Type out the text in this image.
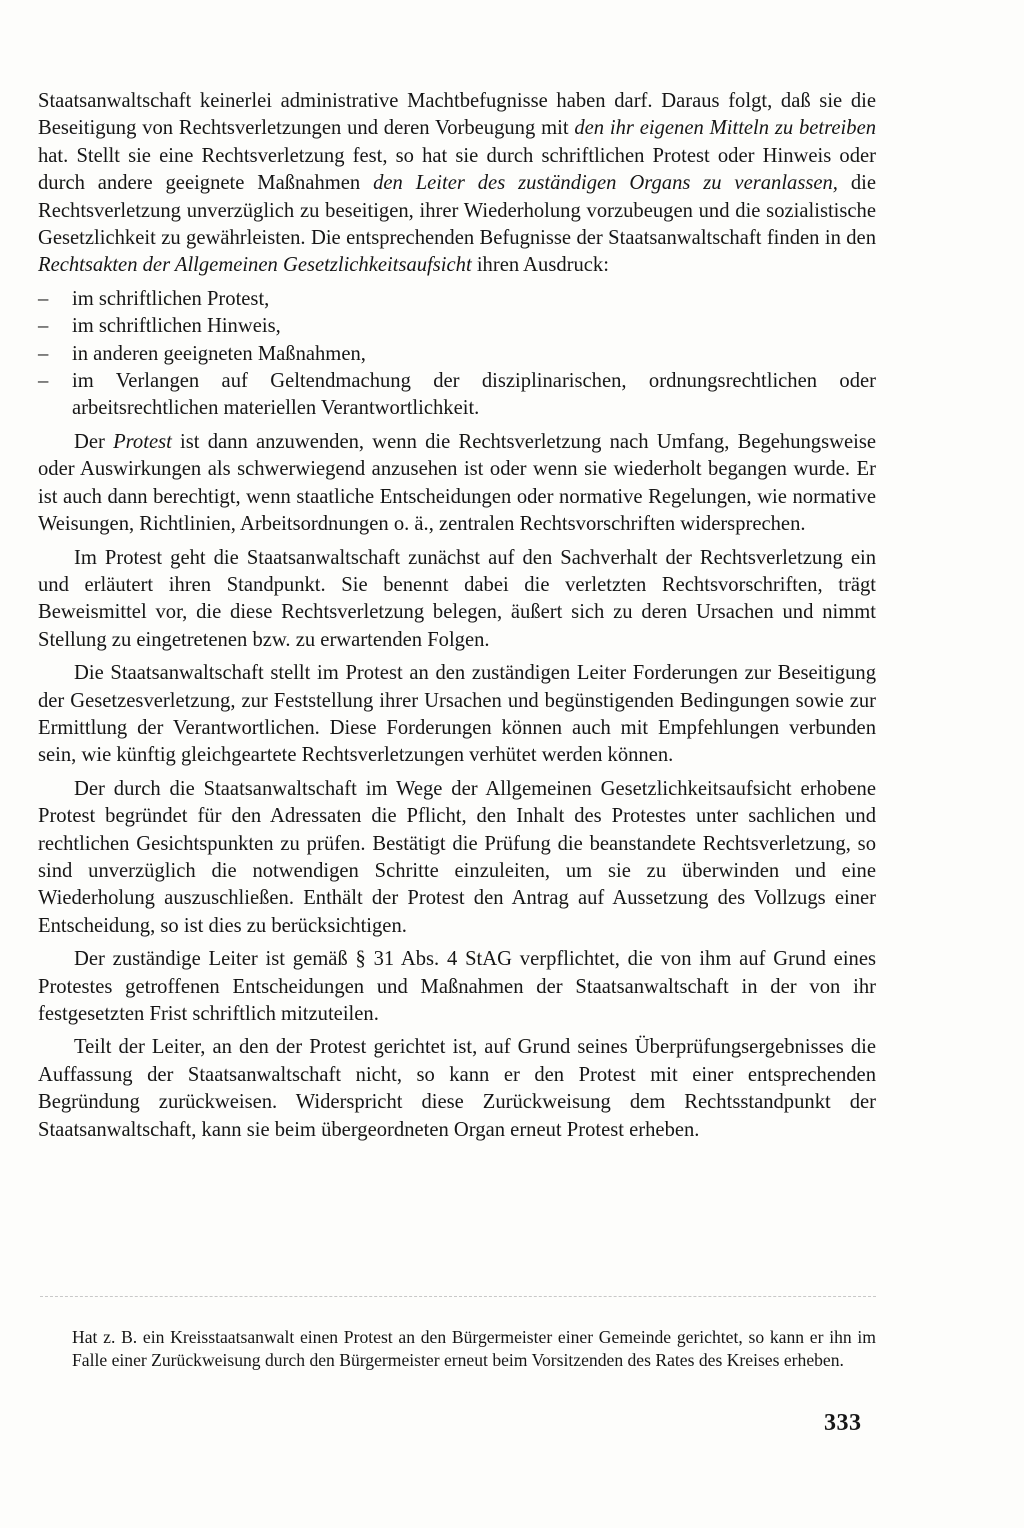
Staatsanwaltschaft keinerlei administrative Machtbefugnisse haben darf. Daraus folgt, daß sie die Beseitigung von Rechtsverletzungen und deren Vorbeugung mit den ihr eigenen Mitteln zu betreiben hat. Stellt sie eine Rechtsverletzung fest, so hat sie durch schriftlichen Protest oder Hinweis oder durch andere geeignete Maßnahmen den Leiter des zuständigen Organs zu veranlassen, die Rechtsverletzung unverzüglich zu beseitigen, ihrer Wiederholung vorzubeugen und die sozialistische Gesetzlichkeit zu gewährleisten. Die entsprechenden Befugnisse der Staatsanwaltschaft finden in den Rechtsakten der Allgemeinen Gesetzlichkeitsaufsicht ihren Ausdruck:

– im schriftlichen Protest,
– im schriftlichen Hinweis,
– in anderen geeigneten Maßnahmen,
– im Verlangen auf Geltendmachung der disziplinarischen, ordnungsrechtlichen oder arbeitsrechtlichen materiellen Verantwortlichkeit.

Der Protest ist dann anzuwenden, wenn die Rechtsverletzung nach Umfang, Begehungsweise oder Auswirkungen als schwerwiegend anzusehen ist oder wenn sie wiederholt begangen wurde. Er ist auch dann berechtigt, wenn staatliche Entscheidungen oder normative Regelungen, wie normative Weisungen, Richtlinien, Arbeitsordnungen o. ä., zentralen Rechtsvorschriften widersprechen.

Im Protest geht die Staatsanwaltschaft zunächst auf den Sachverhalt der Rechtsverletzung ein und erläutert ihren Standpunkt. Sie benennt dabei die verletzten Rechtsvorschriften, trägt Beweismittel vor, die diese Rechtsverletzung belegen, äußert sich zu deren Ursachen und nimmt Stellung zu eingetretenen bzw. zu erwartenden Folgen.

Die Staatsanwaltschaft stellt im Protest an den zuständigen Leiter Forderungen zur Beseitigung der Gesetzesverletzung, zur Feststellung ihrer Ursachen und begünstigenden Bedingungen sowie zur Ermittlung der Verantwortlichen. Diese Forderungen können auch mit Empfehlungen verbunden sein, wie künftig gleichgeartete Rechtsverletzungen verhütet werden können.

Der durch die Staatsanwaltschaft im Wege der Allgemeinen Gesetzlichkeitsaufsicht erhobene Protest begründet für den Adressaten die Pflicht, den Inhalt des Protestes unter sachlichen und rechtlichen Gesichtspunkten zu prüfen. Bestätigt die Prüfung die beanstandete Rechtsverletzung, so sind unverzüglich die notwendigen Schritte einzuleiten, um sie zu überwinden und eine Wiederholung auszuschließen. Enthält der Protest den Antrag auf Aussetzung des Vollzugs einer Entscheidung, so ist dies zu berücksichtigen.

Der zuständige Leiter ist gemäß § 31 Abs. 4 StAG verpflichtet, die von ihm auf Grund eines Protestes getroffenen Entscheidungen und Maßnahmen der Staatsanwaltschaft in der von ihr festgesetzten Frist schriftlich mitzuteilen.

Teilt der Leiter, an den der Protest gerichtet ist, auf Grund seines Überprüfungsergebnisses die Auffassung der Staatsanwaltschaft nicht, so kann er den Protest mit einer entsprechenden Begründung zurückweisen. Widerspricht diese Zurückweisung dem Rechtsstandpunkt der Staatsanwaltschaft, kann sie beim übergeordneten Organ erneut Protest erheben.

Hat z. B. ein Kreisstaatsanwalt einen Protest an den Bürgermeister einer Gemeinde gerichtet, so kann er ihn im Falle einer Zurückweisung durch den Bürgermeister erneut beim Vorsitzenden des Rates des Kreises erheben.

333
